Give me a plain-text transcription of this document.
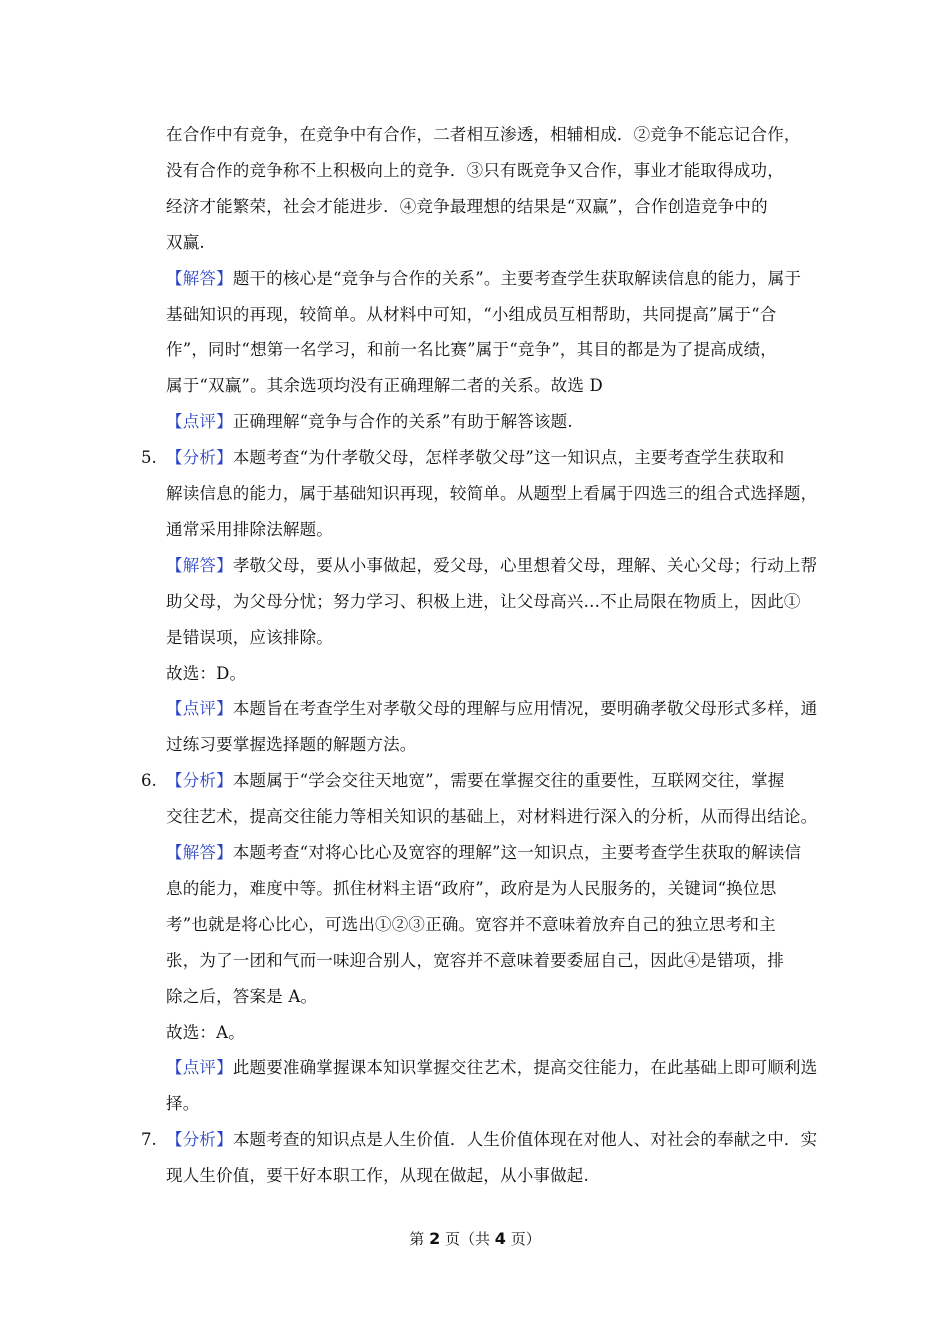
在合作中有竞争，在竞争中有合作，二者相互渗透，相辅相成．②竞争不能忘记合作，
没有合作的竞争称不上积极向上的竞争．③只有既竞争又合作，事业才能取得成功，
经济才能繁荣，社会才能进步．④竞争最理想的结果是“双赢”，合作创造竞争中的
双赢.
【解答】题干的核心是“竞争与合作的关系”。主要考查学生获取解读信息的能力，属于
基础知识的再现，较简单。从材料中可知，“小组成员互相帮助，共同提高”属于“合
作”，同时“想第一名学习，和前一名比赛”属于“竞争”，其目的都是为了提高成绩，
属于“双赢”。其余选项均没有正确理解二者的关系。故选 D
【点评】正确理解“竞争与合作的关系”有助于解答该题.
5. 【分析】本题考查“为什孝敬父母，怎样孝敬父母”这一知识点，主要考查学生获取和
解读信息的能力，属于基础知识再现，较简单。从题型上看属于四选三的组合式选择题，
通常采用排除法解题。
【解答】孝敬父母，要从小事做起，爱父母，心里想着父母，理解、关心父母；行动上帮
助父母，为父母分忧；努力学习、积极上进，让父母高兴…不止局限在物质上，因此①
是错误项，应该排除。
故选：D。
【点评】本题旨在考查学生对孝敬父母的理解与应用情况，要明确孝敬父母形式多样，通
过练习要掌握选择题的解题方法。
6. 【分析】本题属于“学会交往天地宽”，需要在掌握交往的重要性，互联网交往，掌握
交往艺术，提高交往能力等相关知识的基础上，对材料进行深入的分析，从而得出结论。
【解答】本题考查“对将心比心及宽容的理解”这一知识点，主要考查学生获取的解读信
息的能力，难度中等。抓住材料主语“政府”，政府是为人民服务的，关键词“换位思
考”也就是将心比心，可选出①②③正确。宽容并不意味着放弃自己的独立思考和主
张，为了一团和气而一味迎合别人，宽容并不意味着要委屈自己，因此④是错项，排
除之后，答案是 A。
故选：A。
【点评】此题要准确掌握课本知识掌握交往艺术，提高交往能力，在此基础上即可顺利选
择。
7. 【分析】本题考查的知识点是人生价值．人生价值体现在对他人、对社会的奉献之中．实
现人生价值，要干好本职工作，从现在做起，从小事做起.
第 2 页（共 4 页）
